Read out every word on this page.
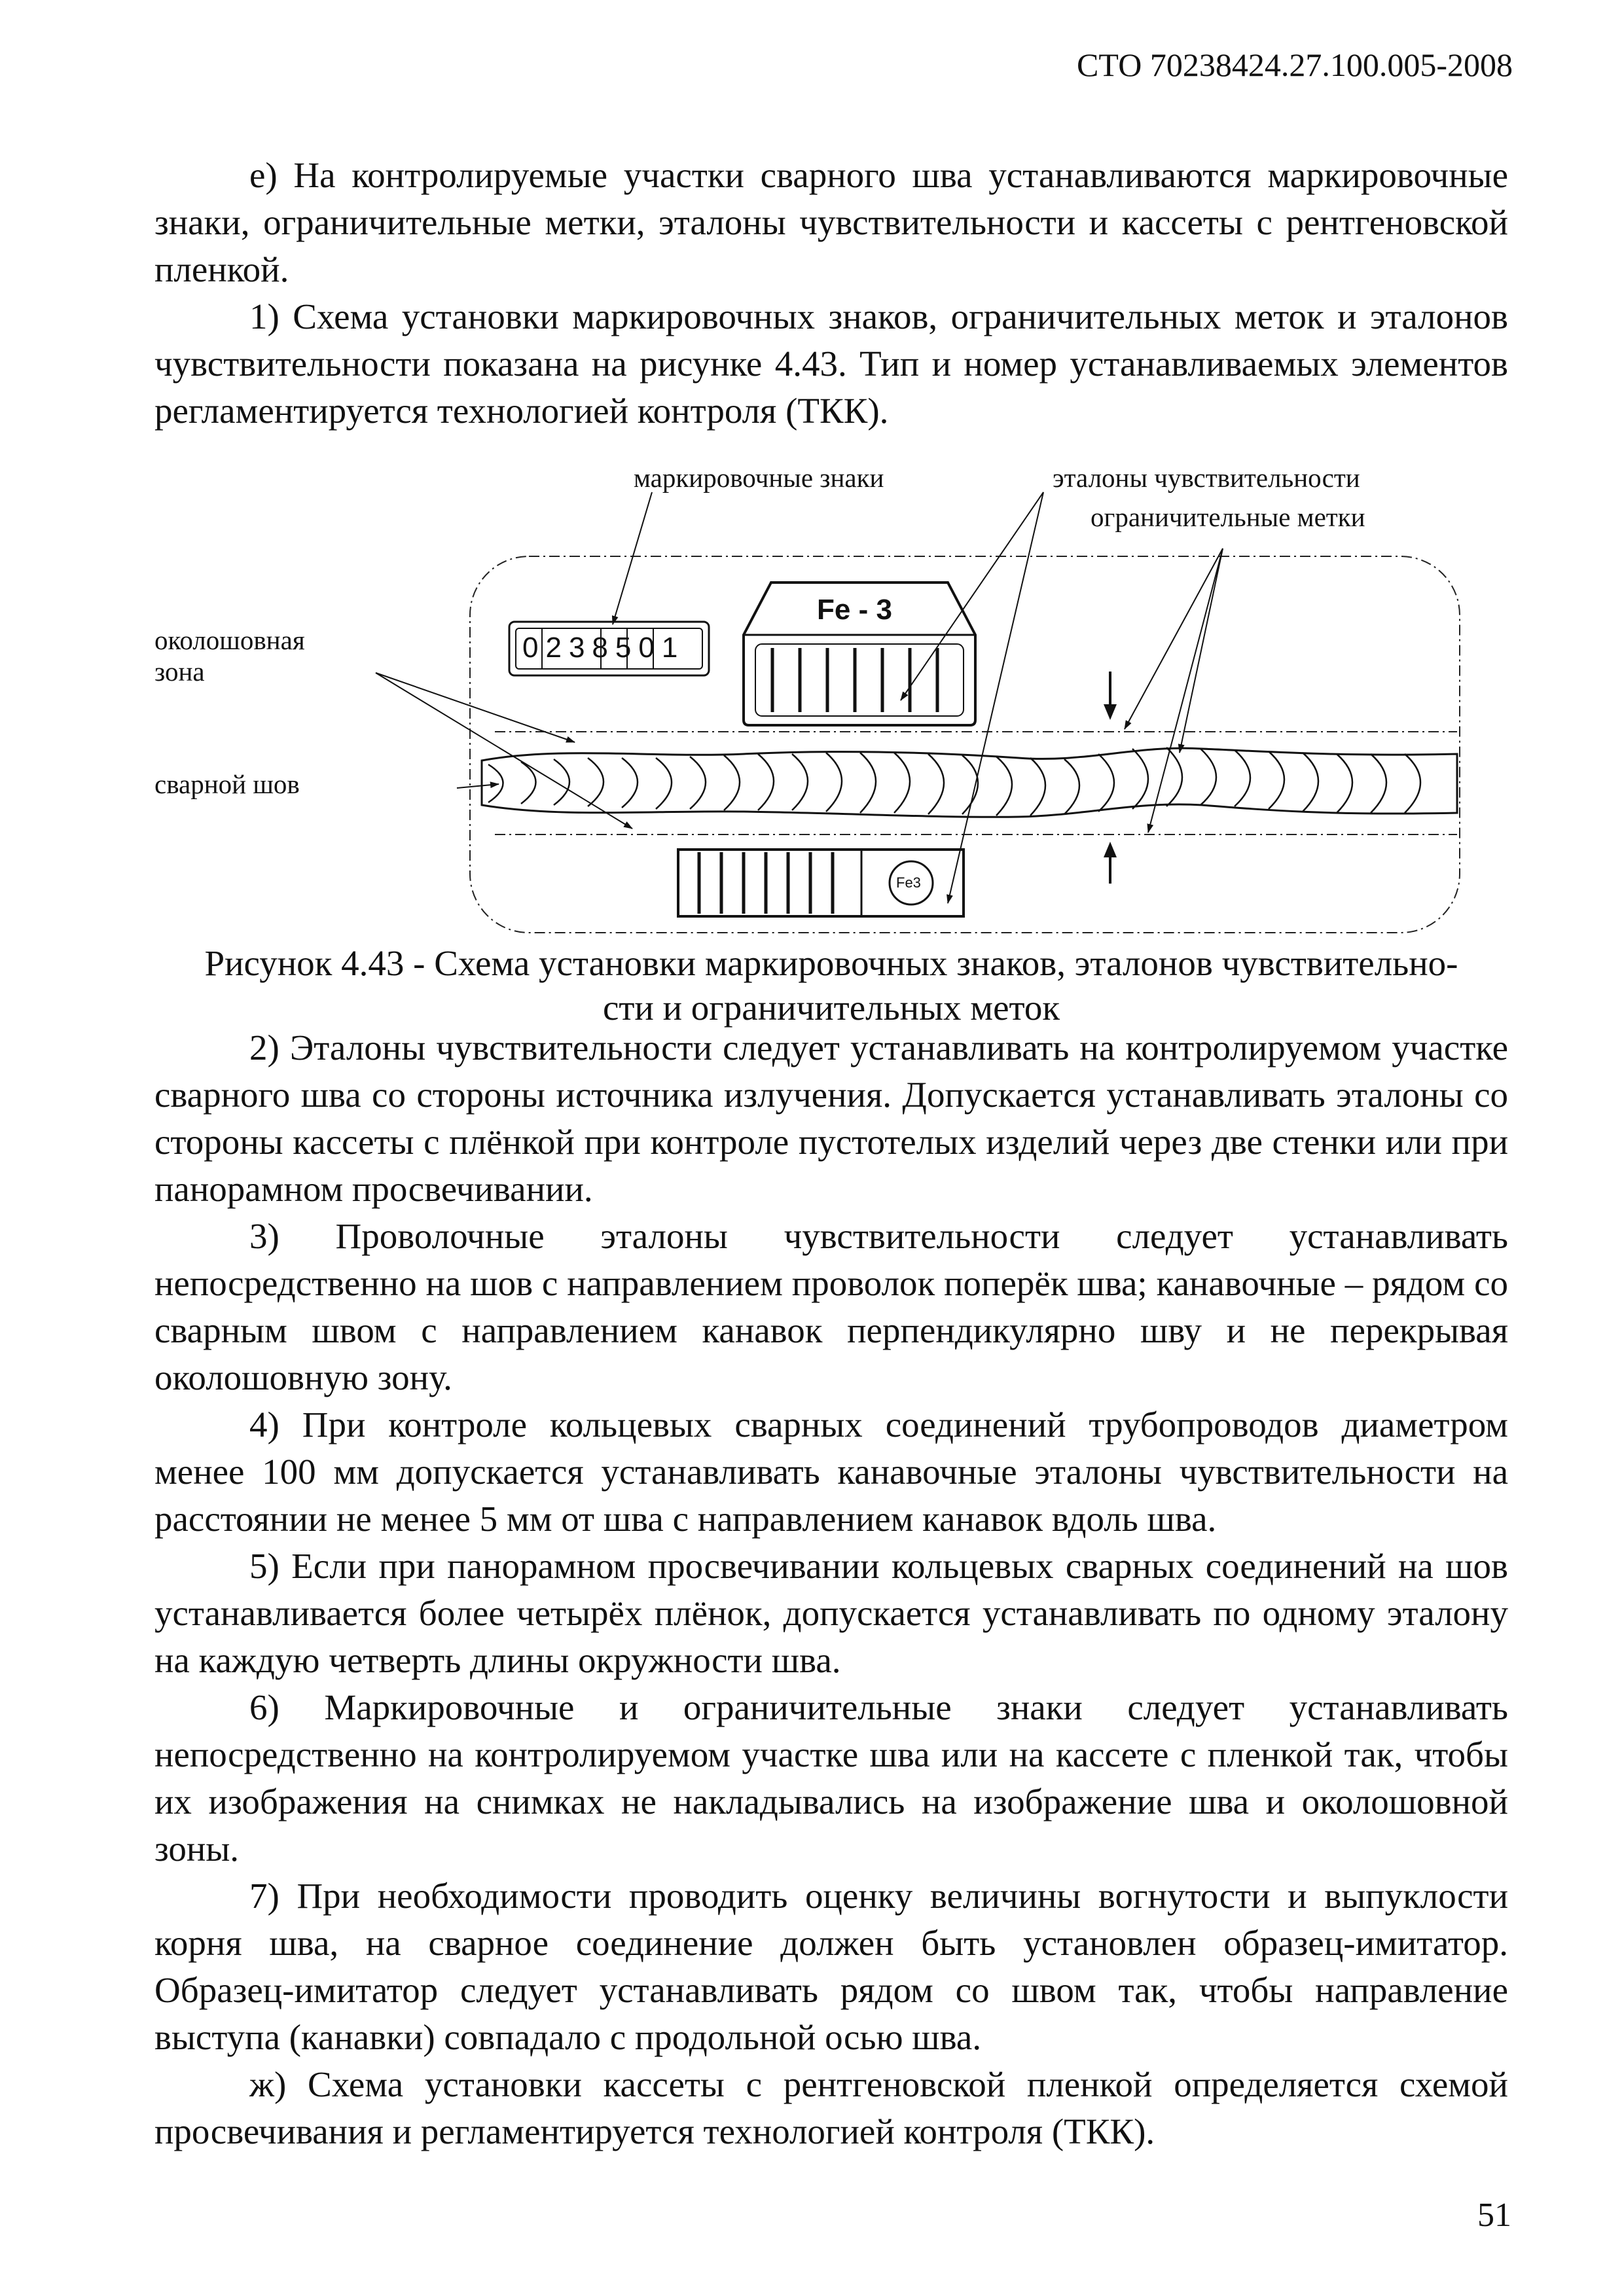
СТО 70238424.27.100.005-2008

е) На контролируемые участки сварного шва устанавливаются маркировочные знаки, ограничительные метки, эталоны чувствительности и кассеты с рентгеновской пленкой.

1) Схема установки маркировочных знаков, ограничительных меток и эталонов чувствительности показана на рисунке 4.43. Тип и номер устанавливаемых элементов регламентируется технологией контроля (ТКК).

маркировочные знаки	эталоны чувствительности
ограничительные метки
околошовная
зона
сварной шов
0238501
Fe - 3
Fe3
Рисунок 4.43 - Схема установки маркировочных знаков, эталонов чувствительно-
сти и ограничительных меток

2) Эталоны чувствительности следует устанавливать на контролируемом участке сварного шва со стороны источника излучения. Допускается устанавливать эталоны со стороны кассеты с плёнкой при контроле пустотелых изделий через две стенки или при панорамном просвечивании.

3) Проволочные эталоны чувствительности следует устанавливать непосредственно на шов с направлением проволок поперёк шва; канавочные – рядом со сварным швом с направлением канавок перпендикулярно шву и не перекрывая околошовную зону.

4) При контроле кольцевых сварных соединений трубопроводов диаметром менее 100 мм допускается устанавливать канавочные эталоны чувствительности на расстоянии не менее 5 мм от шва с направлением канавок вдоль шва.

5) Если при панорамном просвечивании кольцевых сварных соединений на шов устанавливается более четырёх плёнок, допускается устанавливать по одному эталону на каждую четверть длины окружности шва.

6) Маркировочные и ограничительные знаки следует устанавливать непосредственно на контролируемом участке шва или на кассете с пленкой так, чтобы их изображения на снимках не накладывались на изображение шва и околошовной зоны.

7) При необходимости проводить оценку величины вогнутости и выпуклости корня шва, на сварное соединение должен быть установлен образец-имитатор. Образец-имитатор следует устанавливать рядом со швом так, чтобы направление выступа (канавки) совпадало с продольной осью шва.

ж) Схема установки кассеты с рентгеновской пленкой определяется схемой просвечивания и регламентируется технологией контроля (ТКК).

51
